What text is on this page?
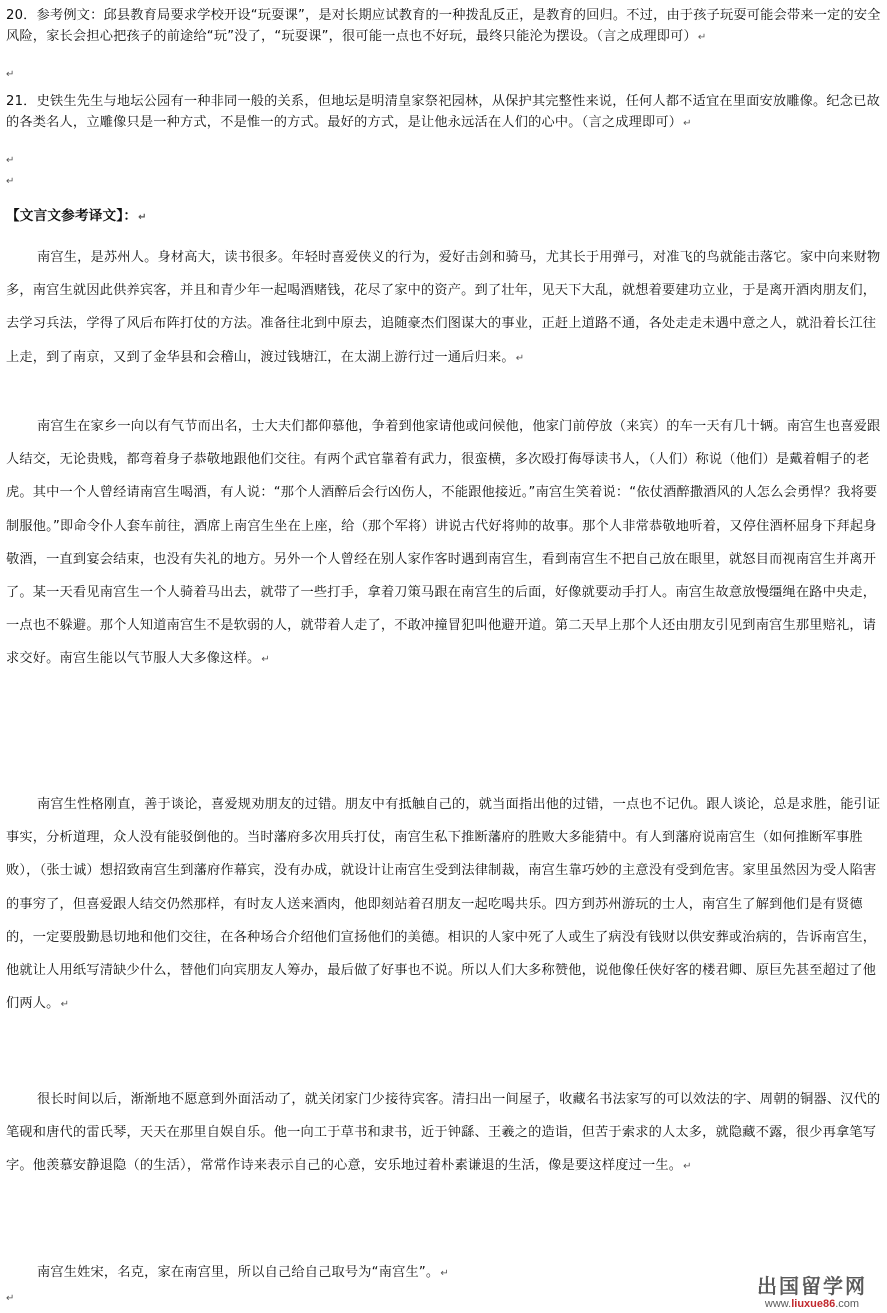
20．参考例文：邱县教育局要求学校开设“玩耍课”，是对长期应试教育的一种拨乱反正，是教育的回归。不过，由于孩子玩耍可能会带来一定的安全风险，家长会担心把孩子的前途给“玩”没了，“玩耍课”，很可能一点也不好玩，最终只能沦为摆设。（言之成理即可）↵

↵

21．史铁生先生与地坛公园有一种非同一般的关系，但地坛是明清皇家祭祀园林，从保护其完整性来说，任何人都不适宜在里面安放雕像。纪念已故的各类名人，立雕像只是一种方式，不是惟一的方式。最好的方式，是让他永远活在人们的心中。（言之成理即可）↵

↵
↵

【文言文参考译文】：↵

南宫生，是苏州人。身材高大，读书很多。年轻时喜爱侠义的行为，爱好击剑和骑马，尤其长于用弹弓，对准飞的鸟就能击落它。家中向来财物多，南宫生就因此供养宾客，并且和青少年一起喝酒赌钱，花尽了家中的资产。到了壮年，见天下大乱，就想着要建功立业，于是离开酒肉朋友们，去学习兵法，学得了风后布阵打仗的方法。准备往北到中原去，追随豪杰们图谋大的事业，正赶上道路不通，各处走走未遇中意之人，就沿着长江往上走，到了南京，又到了金华县和会稽山，渡过钱塘江，在太湖上游行过一通后归来。↵

南宫生在家乡一向以有气节而出名，士大夫们都仰慕他，争着到他家请他或问候他，他家门前停放（来宾）的车一天有几十辆。南宫生也喜爱跟人结交，无论贵贱，都弯着身子恭敬地跟他们交往。有两个武官靠着有武力，很蛮横，多次殴打侮辱读书人，（人们）称说（他们）是戴着帽子的老虎。其中一个人曾经请南宫生喝酒，有人说：“那个人酒醉后会行凶伤人，不能跟他接近。”南宫生笑着说：“依仗酒醉撒酒风的人怎么会勇悍？我将要制服他。”即命令仆人套车前往，酒席上南宫生坐在上座，给（那个军将）讲说古代好将帅的故事。那个人非常恭敬地听着，又停住酒杯屈身下拜起身敬酒，一直到宴会结束，也没有失礼的地方。另外一个人曾经在别人家作客时遇到南宫生，看到南宫生不把自己放在眼里，就怒目而视南宫生并离开了。某一天看见南宫生一个人骑着马出去，就带了一些打手，拿着刀策马跟在南宫生的后面，好像就要动手打人。南宫生故意放慢缰绳在路中央走，一点也不躲避。那个人知道南宫生不是软弱的人，就带着人走了，不敢冲撞冒犯叫他避开道。第二天早上那个人还由朋友引见到南宫生那里赔礼，请求交好。南宫生能以气节服人大多像这样。↵

南宫生性格刚直，善于谈论，喜爱规劝朋友的过错。朋友中有抵触自己的，就当面指出他的过错，一点也不记仇。跟人谈论，总是求胜，能引证事实，分析道理，众人没有能驳倒他的。当时藩府多次用兵打仗，南宫生私下推断藩府的胜败大多能猜中。有人到藩府说南宫生（如何推断军事胜败），（张士诚）想招致南宫生到藩府作幕宾，没有办成，就设计让南宫生受到法律制裁，南宫生靠巧妙的主意没有受到危害。家里虽然因为受人陷害的事穷了，但喜爱跟人结交仍然那样，有时友人送来酒肉，他即刻站着召朋友一起吃喝共乐。四方到苏州游玩的士人，南宫生了解到他们是有贤德的，一定要殷勤恳切地和他们交往，在各种场合介绍他们宣扬他们的美德。相识的人家中死了人或生了病没有钱财以供安葬或治病的，告诉南宫生，他就让人用纸写清缺少什么，替他们向宾朋友人筹办，最后做了好事也不说。所以人们大多称赞他，说他像任侠好客的楼君卿、原巨先甚至超过了他们两人。↵

很长时间以后，渐渐地不愿意到外面活动了，就关闭家门少接待宾客。清扫出一间屋子，收藏名书法家写的可以效法的字、周朝的铜器、汉代的笔砚和唐代的雷氏琴，天天在那里自娱自乐。他一向工于草书和隶书，近于钟繇、王羲之的造诣，但苦于索求的人太多，就隐藏不露，很少再拿笔写字。他羡慕安静退隐（的生活），常常作诗来表示自己的心意，安乐地过着朴素谦退的生活，像是要这样度过一生。↵

南宫生姓宋，名克，家在南宫里，所以自己给自己取号为“南宫生”。↵

↵
出国留学网
www.liuxue86.com
